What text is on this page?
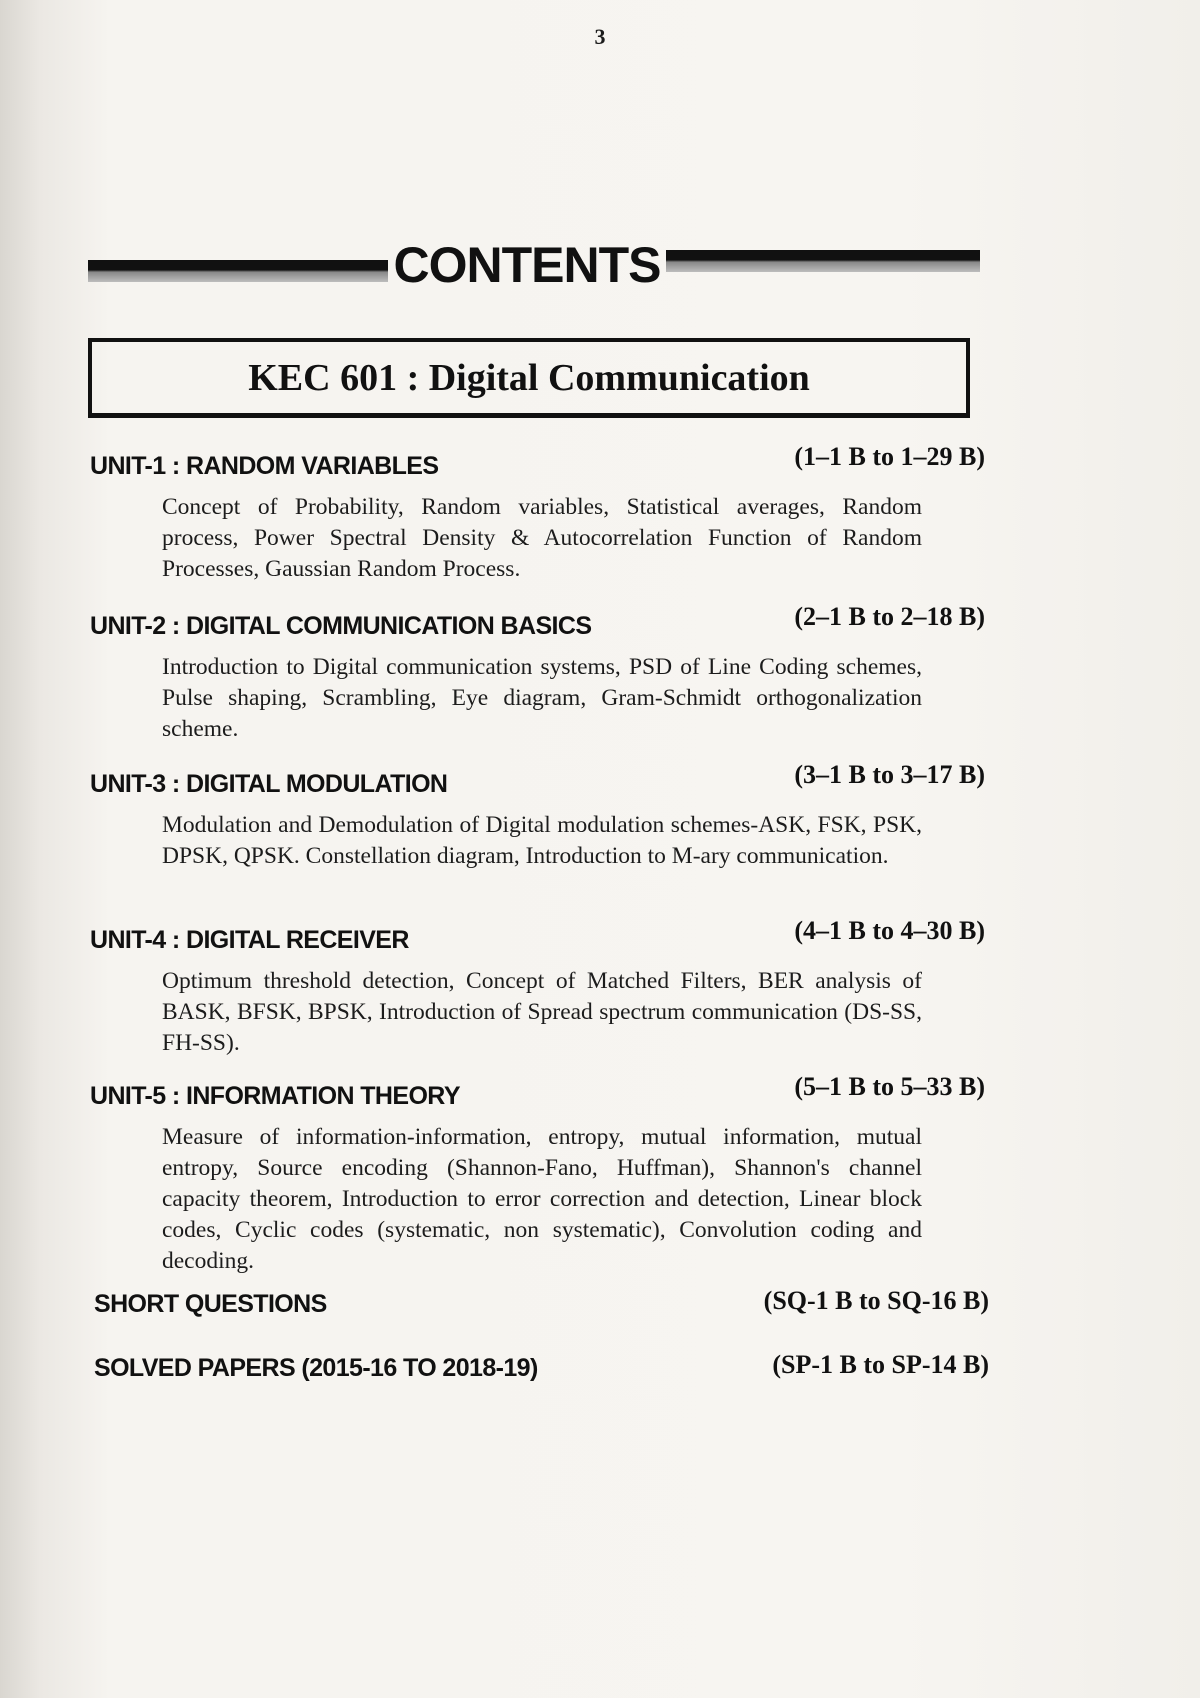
3
CONTENTS
KEC 601 : Digital Communication
UNIT-1 : RANDOM VARIABLES	(1–1 B to 1–29 B)
Concept of Probability, Random variables, Statistical averages, Random process, Power Spectral Density & Autocorrelation Function of Random Processes, Gaussian Random Process.
UNIT-2 : DIGITAL COMMUNICATION BASICS	(2–1 B to 2–18 B)
Introduction to Digital communication systems, PSD of Line Coding schemes, Pulse shaping, Scrambling, Eye diagram, Gram-Schmidt orthogonalization scheme.
UNIT-3 : DIGITAL MODULATION	(3–1 B to 3–17 B)
Modulation and Demodulation of Digital modulation schemes-ASK, FSK, PSK, DPSK, QPSK. Constellation diagram, Introduction to M-ary communication.
UNIT-4 : DIGITAL RECEIVER	(4–1 B to 4–30 B)
Optimum threshold detection, Concept of Matched Filters, BER analysis of BASK, BFSK, BPSK, Introduction of Spread spectrum communication (DS-SS, FH-SS).
UNIT-5 : INFORMATION THEORY	(5–1 B to 5–33 B)
Measure of information-information, entropy, mutual information, mutual entropy, Source encoding (Shannon-Fano, Huffman), Shannon's channel capacity theorem, Introduction to error correction and detection, Linear block codes, Cyclic codes (systematic, non systematic), Convolution coding and decoding.
SHORT QUESTIONS	(SQ-1 B to SQ-16 B)
SOLVED PAPERS (2015-16 TO 2018-19)	(SP-1 B to SP-14 B)
